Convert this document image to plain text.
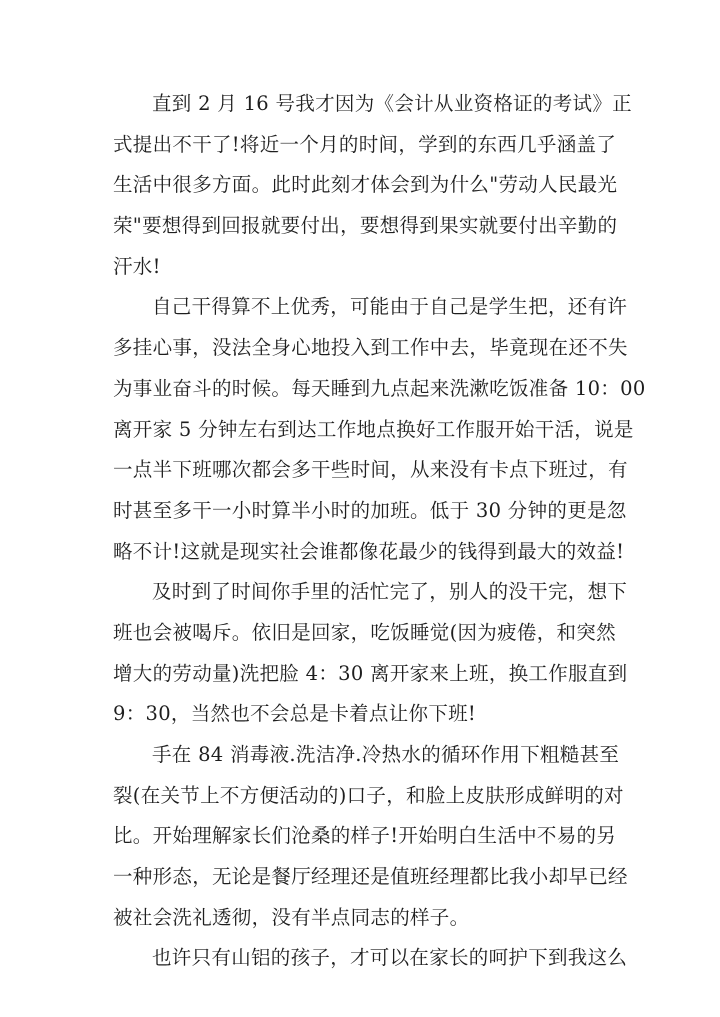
直到 2 月 16 号我才因为《会计从业资格证的考试》正
式提出不干了!将近一个月的时间，学到的东西几乎涵盖了
生活中很多方面。此时此刻才体会到为什么"劳动人民最光
荣"要想得到回报就要付出，要想得到果实就要付出辛勤的
汗水!
自己干得算不上优秀，可能由于自己是学生把，还有许
多挂心事，没法全身心地投入到工作中去，毕竟现在还不失
为事业奋斗的时候。每天睡到九点起来洗漱吃饭准备 10：00
离开家 5 分钟左右到达工作地点换好工作服开始干活，说是
一点半下班哪次都会多干些时间，从来没有卡点下班过，有
时甚至多干一小时算半小时的加班。低于 30 分钟的更是忽
略不计!这就是现实社会谁都像花最少的钱得到最大的效益!
及时到了时间你手里的活忙完了，别人的没干完，想下
班也会被喝斥。依旧是回家，吃饭睡觉(因为疲倦，和突然
增大的劳动量)洗把脸 4：30 离开家来上班，换工作服直到
9：30，当然也不会总是卡着点让你下班!
手在 84 消毒液.洗洁净.冷热水的循环作用下粗糙甚至
裂(在关节上不方便活动的)口子，和脸上皮肤形成鲜明的对
比。开始理解家长们沧桑的样子!开始明白生活中不易的另
一种形态，无论是餐厅经理还是值班经理都比我小却早已经
被社会洗礼透彻，没有半点同志的样子。
也许只有山铝的孩子，才可以在家长的呵护下到我这么
